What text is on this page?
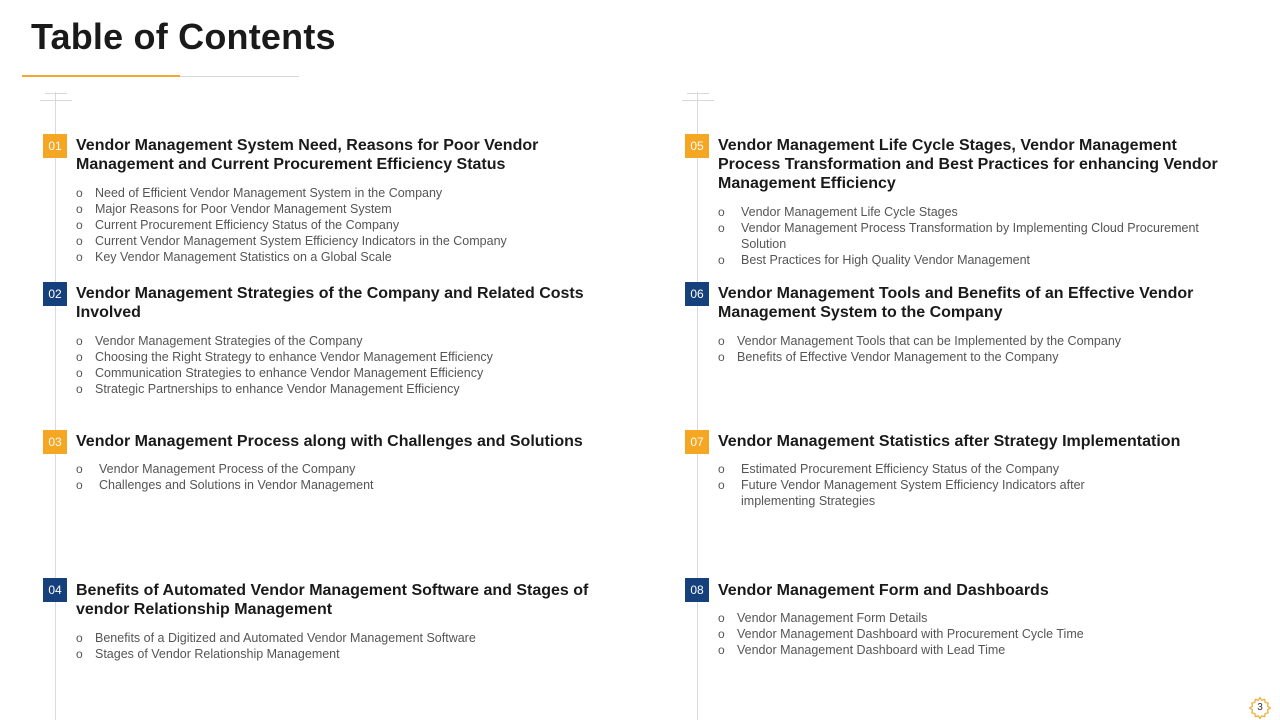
Table of Contents
01 Vendor Management System Need, Reasons for Poor Vendor Management and Current Procurement Efficiency Status
o Need of Efficient Vendor Management System in the Company
o Major Reasons for Poor Vendor Management System
o Current Procurement Efficiency Status of the Company
o Current Vendor Management System Efficiency Indicators in the Company
o Key Vendor Management Statistics on a Global Scale
02 Vendor Management Strategies of the Company and Related Costs Involved
o Vendor Management Strategies of the Company
o Choosing the Right Strategy to enhance Vendor Management Efficiency
o Communication Strategies to enhance Vendor Management Efficiency
o Strategic Partnerships to enhance Vendor Management Efficiency
03 Vendor Management Process along with Challenges and Solutions
o Vendor Management Process of the Company
o Challenges and Solutions in Vendor Management
04 Benefits of Automated Vendor Management Software and Stages of vendor Relationship Management
o Benefits of a Digitized and Automated Vendor Management Software
o Stages of Vendor Relationship Management
05 Vendor Management Life Cycle Stages, Vendor Management Process Transformation and Best Practices for enhancing Vendor Management Efficiency
o Vendor Management Life Cycle Stages
o Vendor Management Process Transformation by Implementing Cloud Procurement Solution
o Best Practices for High Quality Vendor Management
06 Vendor Management Tools and Benefits of an Effective Vendor Management System to the Company
o Vendor Management Tools that can be Implemented by the Company
o Benefits of Effective Vendor Management to the Company
07 Vendor Management Statistics after Strategy Implementation
o Estimated Procurement Efficiency Status of the Company
o Future Vendor Management System Efficiency Indicators after implementing Strategies
08 Vendor Management Form and Dashboards
o Vendor Management Form Details
o Vendor Management Dashboard with Procurement Cycle Time
o Vendor Management Dashboard with Lead Time
3
